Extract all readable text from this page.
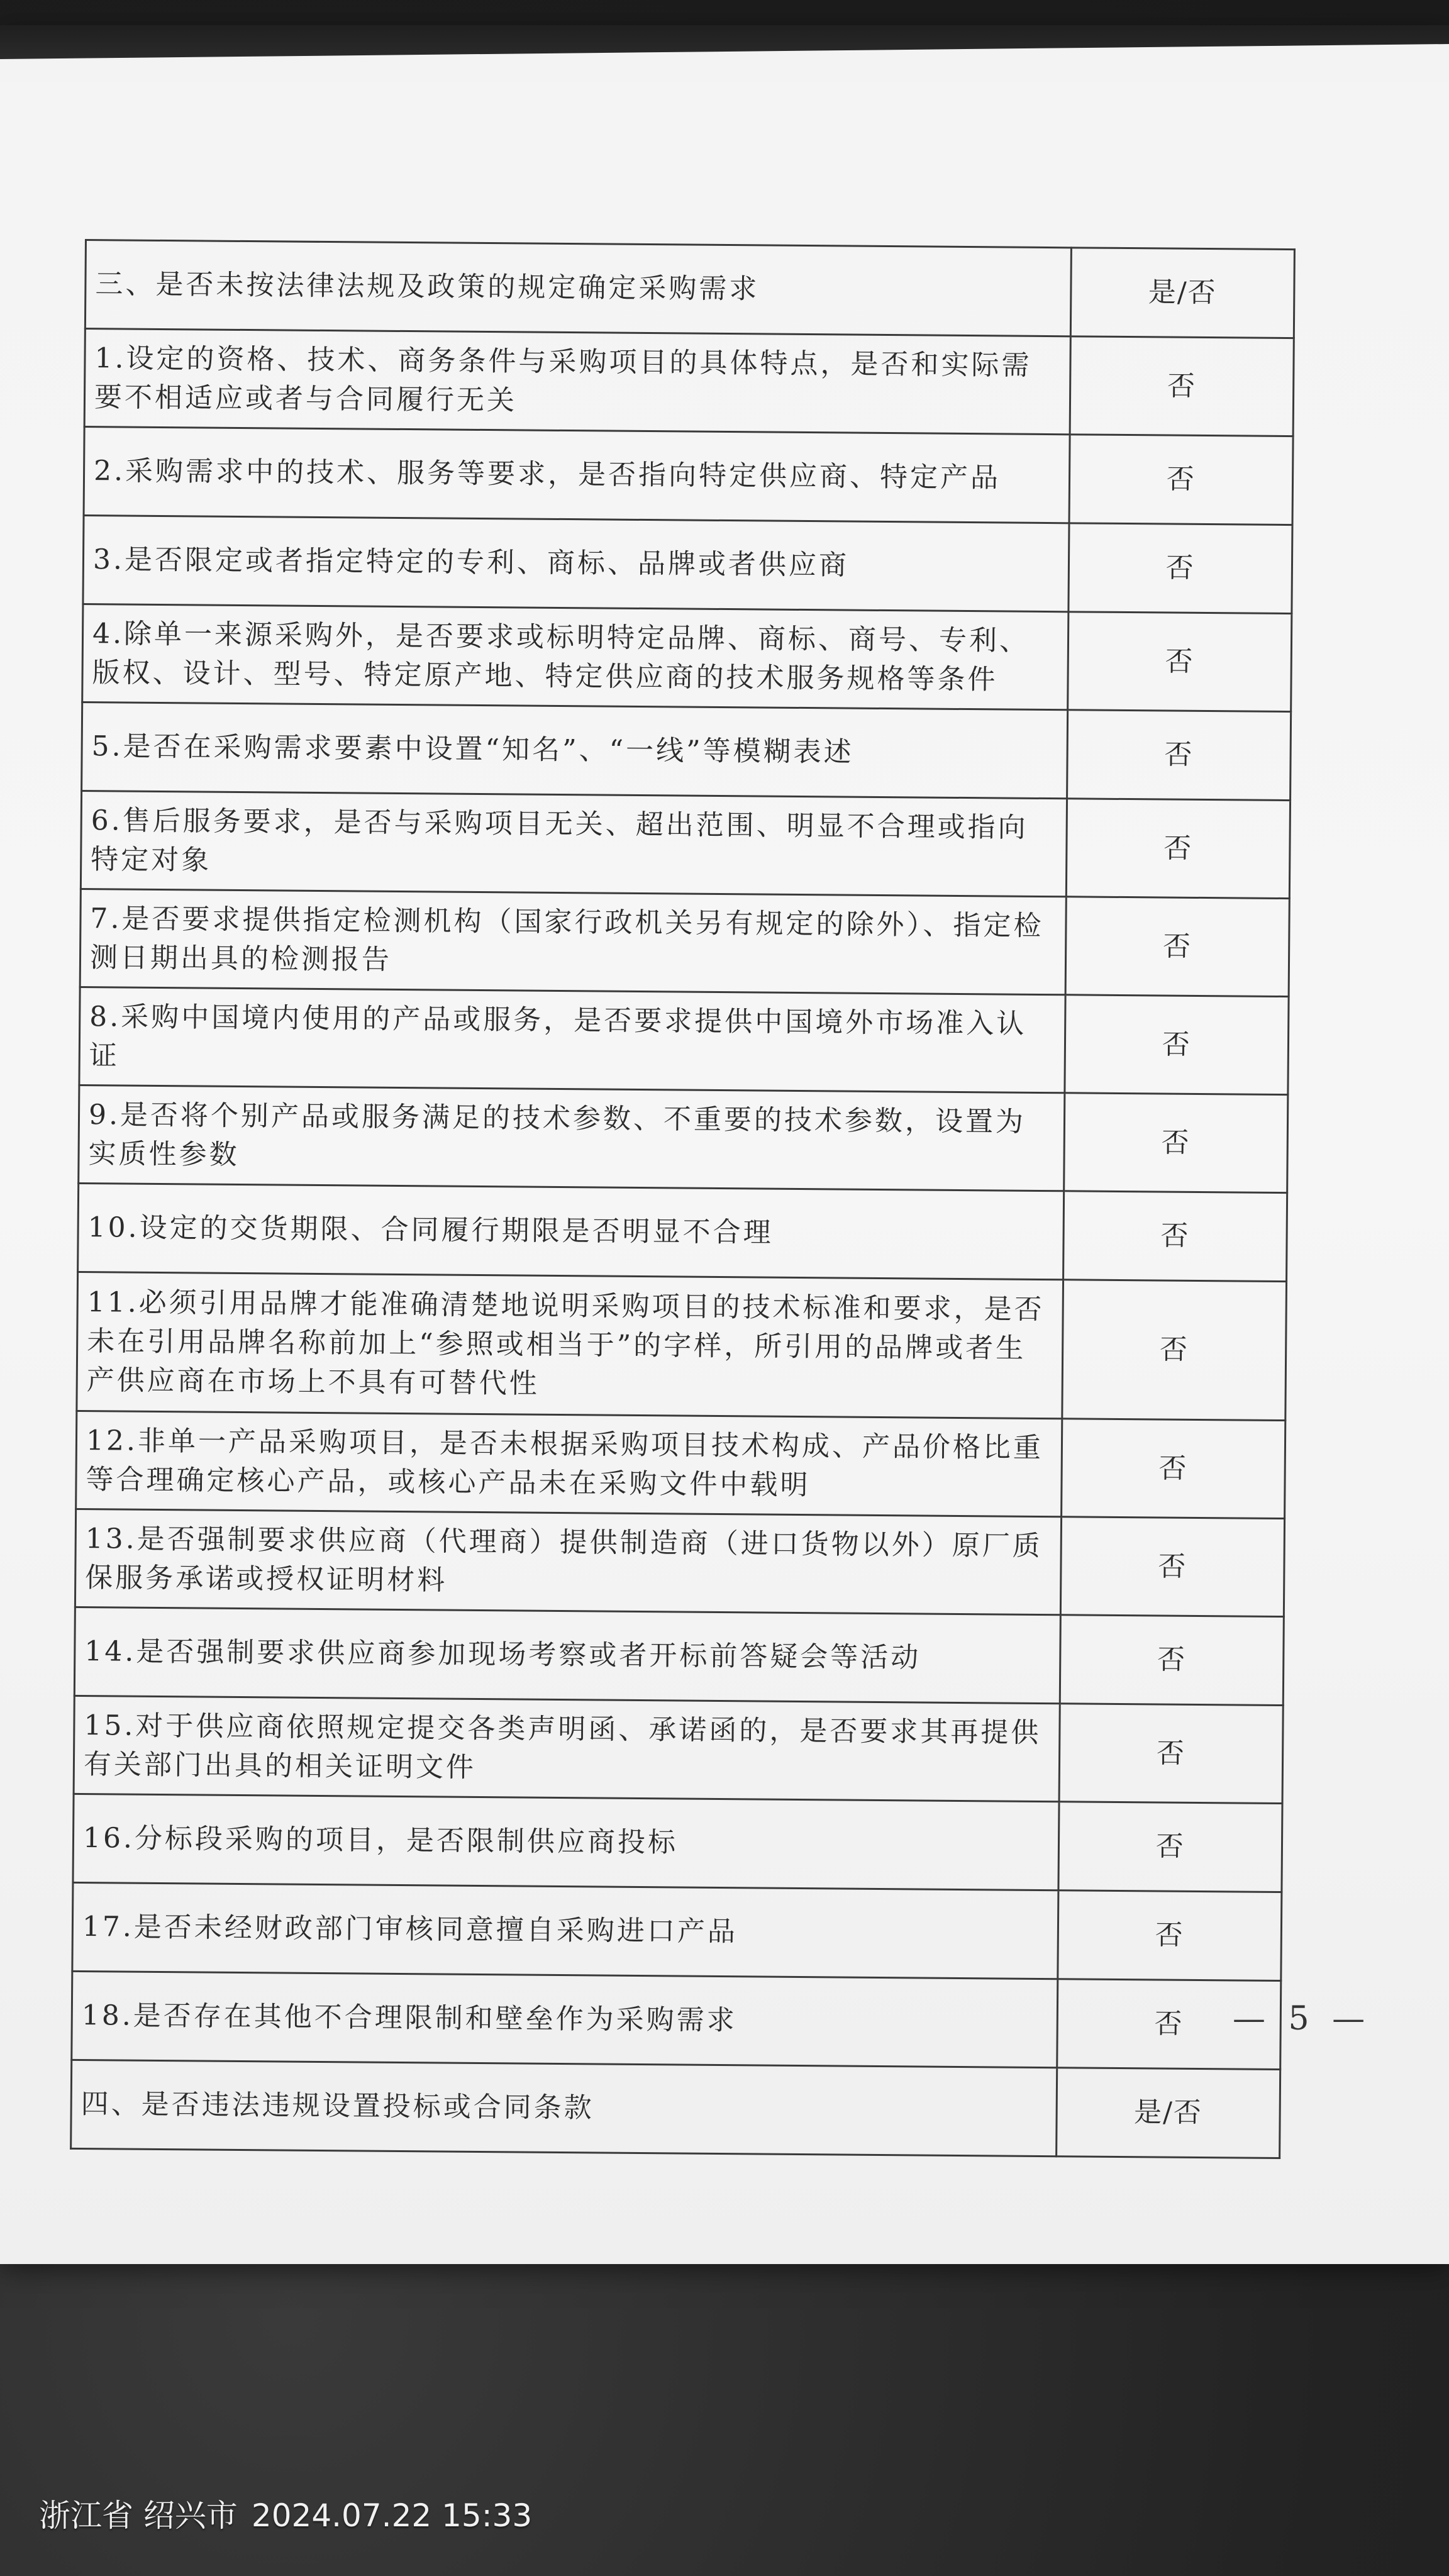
三、是否未按法律法规及政策的规定确定采购需求	是/否
1.设定的资格、技术、商务条件与采购项目的具体特点，是否和实际需要不相适应或者与合同履行无关	否
2.采购需求中的技术、服务等要求，是否指向特定供应商、特定产品	否
3.是否限定或者指定特定的专利、商标、品牌或者供应商	否
4.除单一来源采购外，是否要求或标明特定品牌、商标、商号、专利、版权、设计、型号、特定原产地、特定供应商的技术服务规格等条件	否
5.是否在采购需求要素中设置“知名”、“一线”等模糊表述	否
6.售后服务要求，是否与采购项目无关、超出范围、明显不合理或指向特定对象	否
7.是否要求提供指定检测机构（国家行政机关另有规定的除外）、指定检测日期出具的检测报告	否
8.采购中国境内使用的产品或服务，是否要求提供中国境外市场准入认证	否
9.是否将个别产品或服务满足的技术参数、不重要的技术参数，设置为实质性参数	否
10.设定的交货期限、合同履行期限是否明显不合理	否
11.必须引用品牌才能准确清楚地说明采购项目的技术标准和要求，是否未在引用品牌名称前加上“参照或相当于”的字样，所引用的品牌或者生产供应商在市场上不具有可替代性	否
12.非单一产品采购项目，是否未根据采购项目技术构成、产品价格比重等合理确定核心产品，或核心产品未在采购文件中载明	否
13.是否强制要求供应商（代理商）提供制造商（进口货物以外）原厂质保服务承诺或授权证明材料	否
14.是否强制要求供应商参加现场考察或者开标前答疑会等活动	否
15.对于供应商依照规定提交各类声明函、承诺函的，是否要求其再提供有关部门出具的相关证明文件	否
16.分标段采购的项目，是否限制供应商投标	否
17.是否未经财政部门审核同意擅自采购进口产品	否
18.是否存在其他不合理限制和壁垒作为采购需求	否
四、是否违法违规设置投标或合同条款	是/否
— 5 —
浙江省 绍兴市 2024.07.22 15:33
